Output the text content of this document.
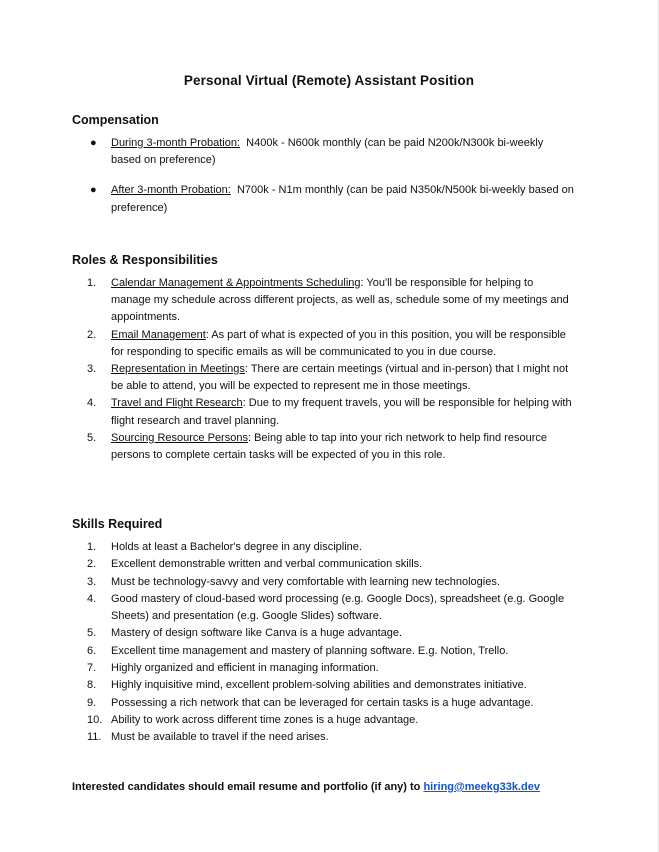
Personal Virtual (Remote) Assistant Position
Compensation
● During 3-month Probation: N400k - N600k monthly (can be paid N200k/N300k bi-weekly based on preference)
● After 3-month Probation: N700k - N1m monthly (can be paid N350k/N500k bi-weekly based on preference)
Roles & Responsibilities
1.	Calendar Management & Appointments Scheduling: You'll be responsible for helping to manage my schedule across different projects, as well as, schedule some of my meetings and appointments.
2.	Email Management: As part of what is expected of you in this position, you will be responsible for responding to specific emails as will be communicated to you in due course.
3.	Representation in Meetings: There are certain meetings (virtual and in-person) that I might not be able to attend, you will be expected to represent me in those meetings.
4.	Travel and Flight Research: Due to my frequent travels, you will be responsible for helping with flight research and travel planning.
5.	Sourcing Resource Persons: Being able to tap into your rich network to help find resource persons to complete certain tasks will be expected of you in this role.
Skills Required
1.	Holds at least a Bachelor's degree in any discipline.
2.	Excellent demonstrable written and verbal communication skills.
3.	Must be technology-savvy and very comfortable with learning new technologies.
4.	Good mastery of cloud-based word processing (e.g. Google Docs), spreadsheet (e.g. Google Sheets) and presentation (e.g. Google Slides) software.
5.	Mastery of design software like Canva is a huge advantage.
6.	Excellent time management and mastery of planning software. E.g. Notion, Trello.
7.	Highly organized and efficient in managing information.
8.	Highly inquisitive mind, excellent problem-solving abilities and demonstrates initiative.
9.	Possessing a rich network that can be leveraged for certain tasks is a huge advantage.
10. Ability to work across different time zones is a huge advantage.
11. Must be available to travel if the need arises.
Interested candidates should email resume and portfolio (if any) to hiring@meekg33k.dev
